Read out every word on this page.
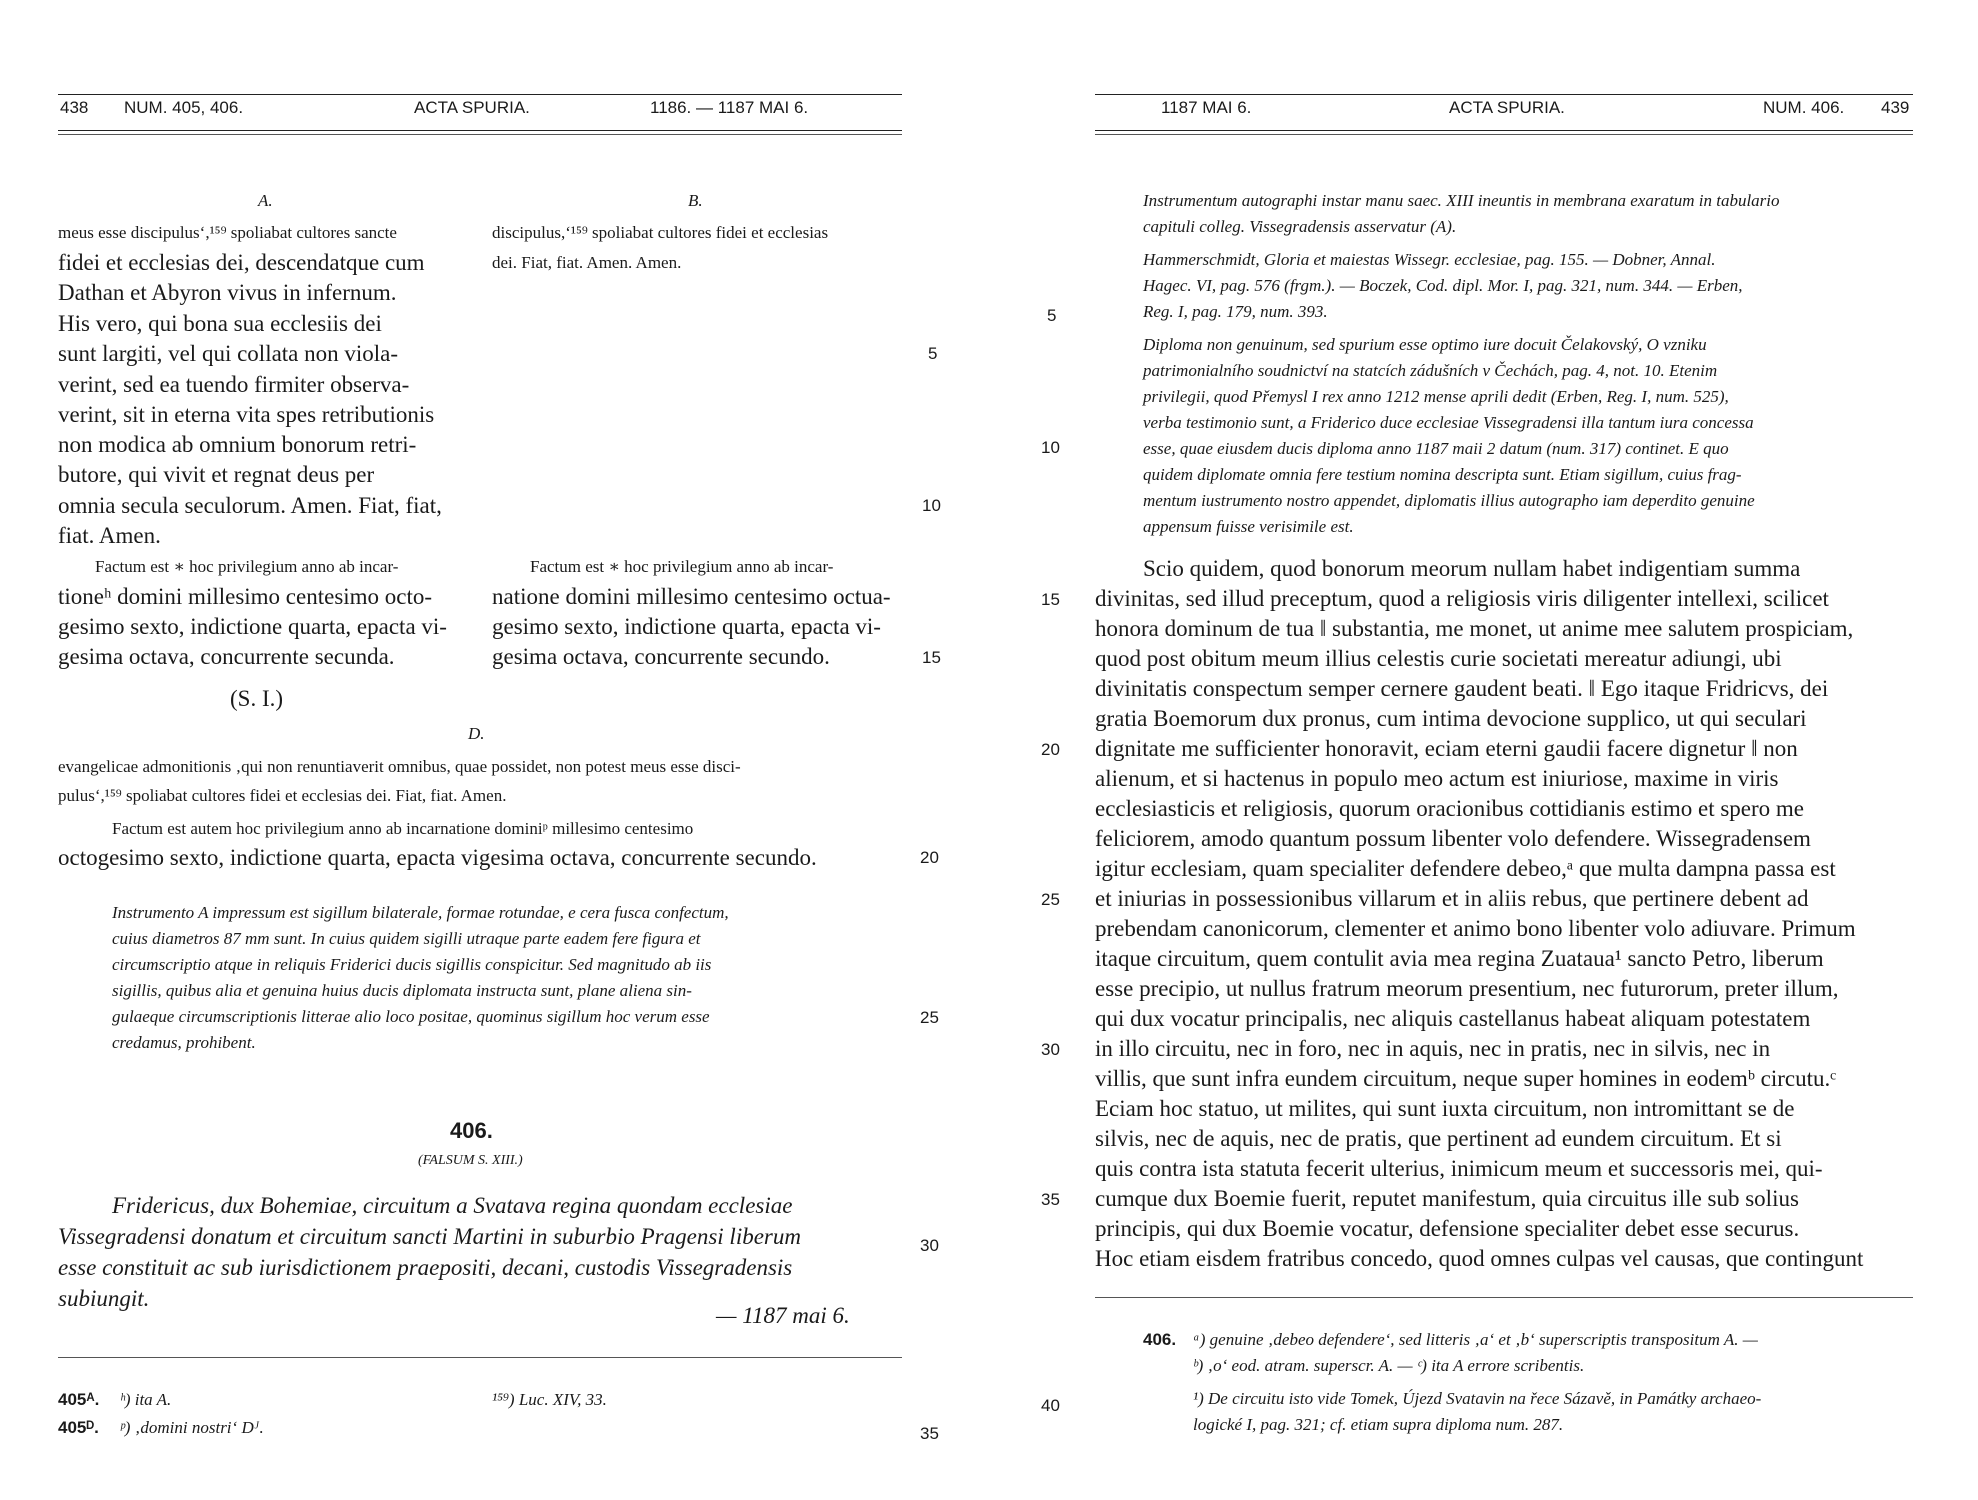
438 NUM. 405, 406.	ACTA SPURIA.	1186. — 1187 MAI 6.
A.
meus esse discipulus‘,¹⁵⁹ spoliabat cultores sancte
fidei et ecclesias dei, descendatque cum
Dathan et Abyron vivus in infernum.
His vero, qui bona sua ecclesiis dei
sunt largiti, vel qui collata non viola-
verint, sed ea tuendo firmiter observa-
verint, sit in eterna vita spes retributionis
non modica ab omnium bonorum retri-
butore, qui vivit et regnat deus per
omnia secula seculorum. Amen. Fiat, fiat,
fiat. Amen.
Factum est ∗ hoc privilegium anno ab incar-
tioneʰ domini millesimo centesimo octo-
gesimo sexto, indictione quarta, epacta vi-
gesima octava, concurrente secunda.
(S. I.)
B.
discipulus,‘¹⁵⁹ spoliabat cultores fidei et ecclesias
dei. Fiat, fiat. Amen. Amen.
Factum est ∗ hoc privilegium anno ab incar-
natione domini millesimo centesimo octua-
gesimo sexto, indictione quarta, epacta vi-
gesima octava, concurrente secundo.
D.
evangelicae admonitionis ‚qui non renuntiaverit omnibus, quae possidet, non potest meus esse disci-
pulus‘,¹⁵⁹ spoliabat cultores fidei et ecclesias dei. Fiat, fiat. Amen.
Factum est autem hoc privilegium anno ab incarnatione dominiᵖ millesimo centesimo
octogesimo sexto, indictione quarta, epacta vigesima octava, concurrente secundo.
Instrumento A impressum est sigillum bilaterale, formae rotundae, e cera fusca confectum,
cuius diametros 87 mm sunt. In cuius quidem sigilli utraque parte eadem fere figura et
circumscriptio atque in reliquis Friderici ducis sigillis conspicitur. Sed magnitudo ab iis
sigillis, quibus alia et genuina huius ducis diplomata instructa sunt, plane aliena sin-
gulaeque circumscriptionis litterae alio loco positae, quominus sigillum hoc verum esse
credamus, prohibent.
406.
(FALSUM S. XIII.)
Fridericus, dux Bohemiae, circuitum a Svatava regina quondam ecclesiae
Vissegradensi donatum et circuitum sancti Martini in suburbio Pragensi liberum
esse constituit ac sub iurisdictionem praepositi, decani, custodis Vissegradensis
subiungit.
— 1187 mai 6.
405ᴬ. ʰ) ita A.	¹⁵⁹) Luc. XIV, 33.
405ᴰ. ᵖ) ‚domini nostri‘ Dᴶ.
5
10
15
20
25
30
35
1187 MAI 6.	ACTA SPURIA.	NUM. 406. 439
Instrumentum autographi instar manu saec. XIII ineuntis in membrana exaratum in tabulario
capituli colleg. Vissegradensis asservatur (A).
Hammerschmidt, Gloria et maiestas Wissegr. ecclesiae, pag. 155. — Dobner, Annal.
Hagec. VI, pag. 576 (frgm.). — Boczek, Cod. dipl. Mor. I, pag. 321, num. 344. — Erben,
Reg. I, pag. 179, num. 393.
Diploma non genuinum, sed spurium esse optimo iure docuit Čelakovský, O vzniku
patrimonialního soudnictví na statcích zádušních v Čechách, pag. 4, not. 10. Etenim
privilegii, quod Přemysl I rex anno 1212 mense aprili dedit (Erben, Reg. I, num. 525),
verba testimonio sunt, a Friderico duce ecclesiae Vissegradensi illa tantum iura concessa
esse, quae eiusdem ducis diploma anno 1187 maii 2 datum (num. 317) continet. E quo
quidem diplomate omnia fere testium nomina descripta sunt. Etiam sigillum, cuius frag-
mentum iustrumento nostro appendet, diplomatis illius autographo iam deperdito genuine
appensum fuisse verisimile est.
Scio quidem, quod bonorum meorum nullam habet indigentiam summa
divinitas, sed illud preceptum, quod a religiosis viris diligenter intellexi, scilicet
honora dominum de tua ‖ substantia, me monet, ut anime mee salutem prospiciam,
quod post obitum meum illius celestis curie societati mereatur adiungi, ubi
divinitatis conspectum semper cernere gaudent beati. ‖ Ego itaque Fridricvs, dei
gratia Boemorum dux pronus, cum intima devocione supplico, ut qui seculari
dignitate me sufficienter honoravit, eciam eterni gaudii facere dignetur ‖ non
alienum, et si hactenus in populo meo actum est iniuriose, maxime in viris
ecclesiasticis et religiosis, quorum oracionibus cottidianis estimo et spero me
feliciorem, amodo quantum possum libenter volo defendere. Wissegradensem
igitur ecclesiam, quam specialiter defendere debeo,ᵃ que multa dampna passa est
et iniurias in possessionibus villarum et in aliis rebus, que pertinere debent ad
prebendam canonicorum, clementer et animo bono libenter volo adiuvare. Primum
itaque circuitum, quem contulit avia mea regina Zuataua¹ sancto Petro, liberum
esse precipio, ut nullus fratrum meorum presentium, nec futurorum, preter illum,
qui dux vocatur principalis, nec aliquis castellanus habeat aliquam potestatem
in illo circuitu, nec in foro, nec in aquis, nec in pratis, nec in silvis, nec in
villis, que sunt infra eundem circuitum, neque super homines in eodemᵇ circutu.ᶜ
Eciam hoc statuo, ut milites, qui sunt iuxta circuitum, non intromittant se de
silvis, nec de aquis, nec de pratis, que pertinent ad eundem circuitum. Et si
quis contra ista statuta fecerit ulterius, inimicum meum et successoris mei, qui-
cumque dux Boemie fuerit, reputet manifestum, quia circuitus ille sub solius
principis, qui dux Boemie vocatur, defensione specialiter debet esse securus.
Hoc etiam eisdem fratribus concedo, quod omnes culpas vel causas, que contingunt
406. ᵃ) genuine ‚debeo defendere‘, sed litteris ‚a‘ et ‚b‘ superscriptis transpositum A. —
ᵇ) ‚o‘ eod. atram. superscr. A. — ᶜ) ita A errore scribentis.
¹) De circuitu isto vide Tomek, Újezd Svatavin na řece Sázavě, in Památky archaeo-
logické I, pag. 321; cf. etiam supra diploma num. 287.
5
10
15
20
25
30
35
40
